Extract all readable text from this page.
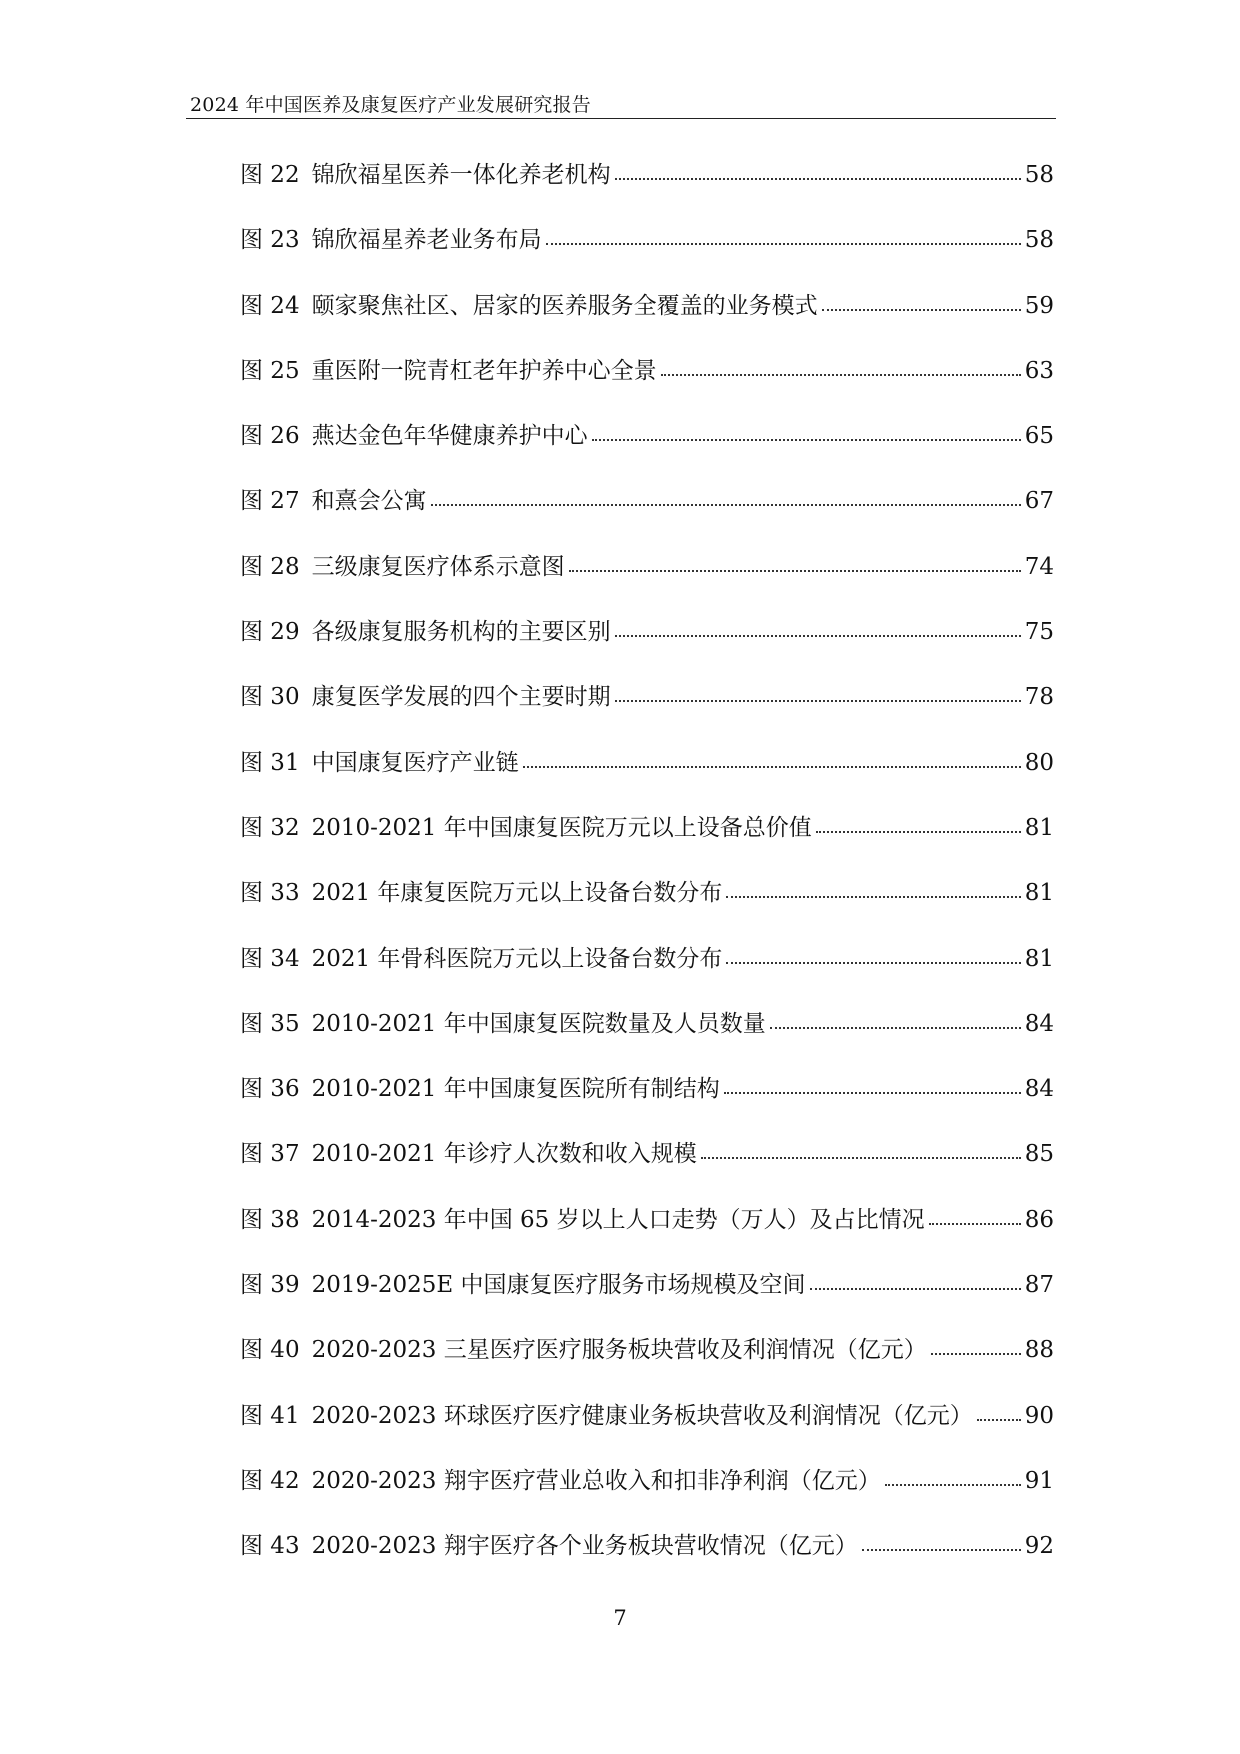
2024 年中国医养及康复医疗产业发展研究报告
图 22 锦欣福星医养一体化养老机构	58
图 23 锦欣福星养老业务布局	58
图 24 颐家聚焦社区、居家的医养服务全覆盖的业务模式	59
图 25 重医附一院青杠老年护养中心全景	63
图 26 燕达金色年华健康养护中心	65
图 27 和熹会公寓	67
图 28 三级康复医疗体系示意图	74
图 29 各级康复服务机构的主要区别	75
图 30 康复医学发展的四个主要时期	78
图 31 中国康复医疗产业链	80
图 32 2010-2021 年中国康复医院万元以上设备总价值	81
图 33 2021 年康复医院万元以上设备台数分布	81
图 34 2021 年骨科医院万元以上设备台数分布	81
图 35 2010-2021 年中国康复医院数量及人员数量	84
图 36 2010-2021 年中国康复医院所有制结构	84
图 37 2010-2021 年诊疗人次数和收入规模	85
图 38 2014-2023 年中国 65 岁以上人口走势（万人）及占比情况	86
图 39 2019-2025E 中国康复医疗服务市场规模及空间	87
图 40 2020-2023 三星医疗医疗服务板块营收及利润情况（亿元）	88
图 41 2020-2023 环球医疗医疗健康业务板块营收及利润情况（亿元） 90
图 42 2020-2023 翔宇医疗营业总收入和扣非净利润（亿元）	91
图 43 2020-2023 翔宇医疗各个业务板块营收情况（亿元）	92
7
